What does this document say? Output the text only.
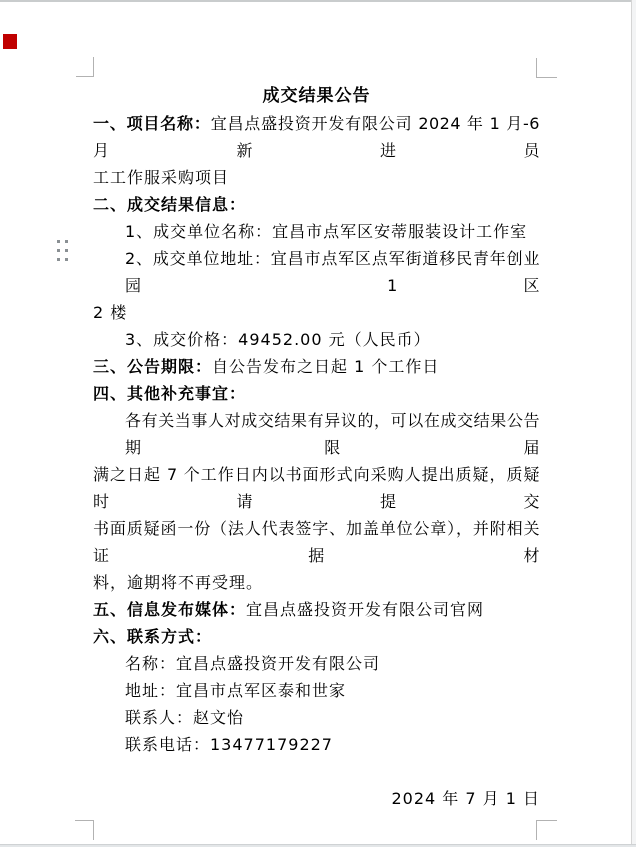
成交结果公告
一、项目名称：宜昌点盛投资开发有限公司 2024 年 1 月-6 月新进员
工工作服采购项目
二、成交结果信息：
1、成交单位名称：宜昌市点军区安蒂服装设计工作室
2、成交单位地址：宜昌市点军区点军街道移民青年创业园 1 区
2 楼
3、成交价格：49452.00 元（人民币）
三、公告期限：自公告发布之日起 1 个工作日
四、其他补充事宜：
各有关当事人对成交结果有异议的，可以在成交结果公告期限届
满之日起 7 个工作日内以书面形式向采购人提出质疑，质疑时请提交
书面质疑函一份（法人代表签字、加盖单位公章），并附相关证据材
料，逾期将不再受理。
五、信息发布媒体：宜昌点盛投资开发有限公司官网
六、联系方式：
名称：宜昌点盛投资开发有限公司
地址：宜昌市点军区泰和世家
联系人：赵文怡
联系电话：13477179227
2024 年 7 月 1 日
